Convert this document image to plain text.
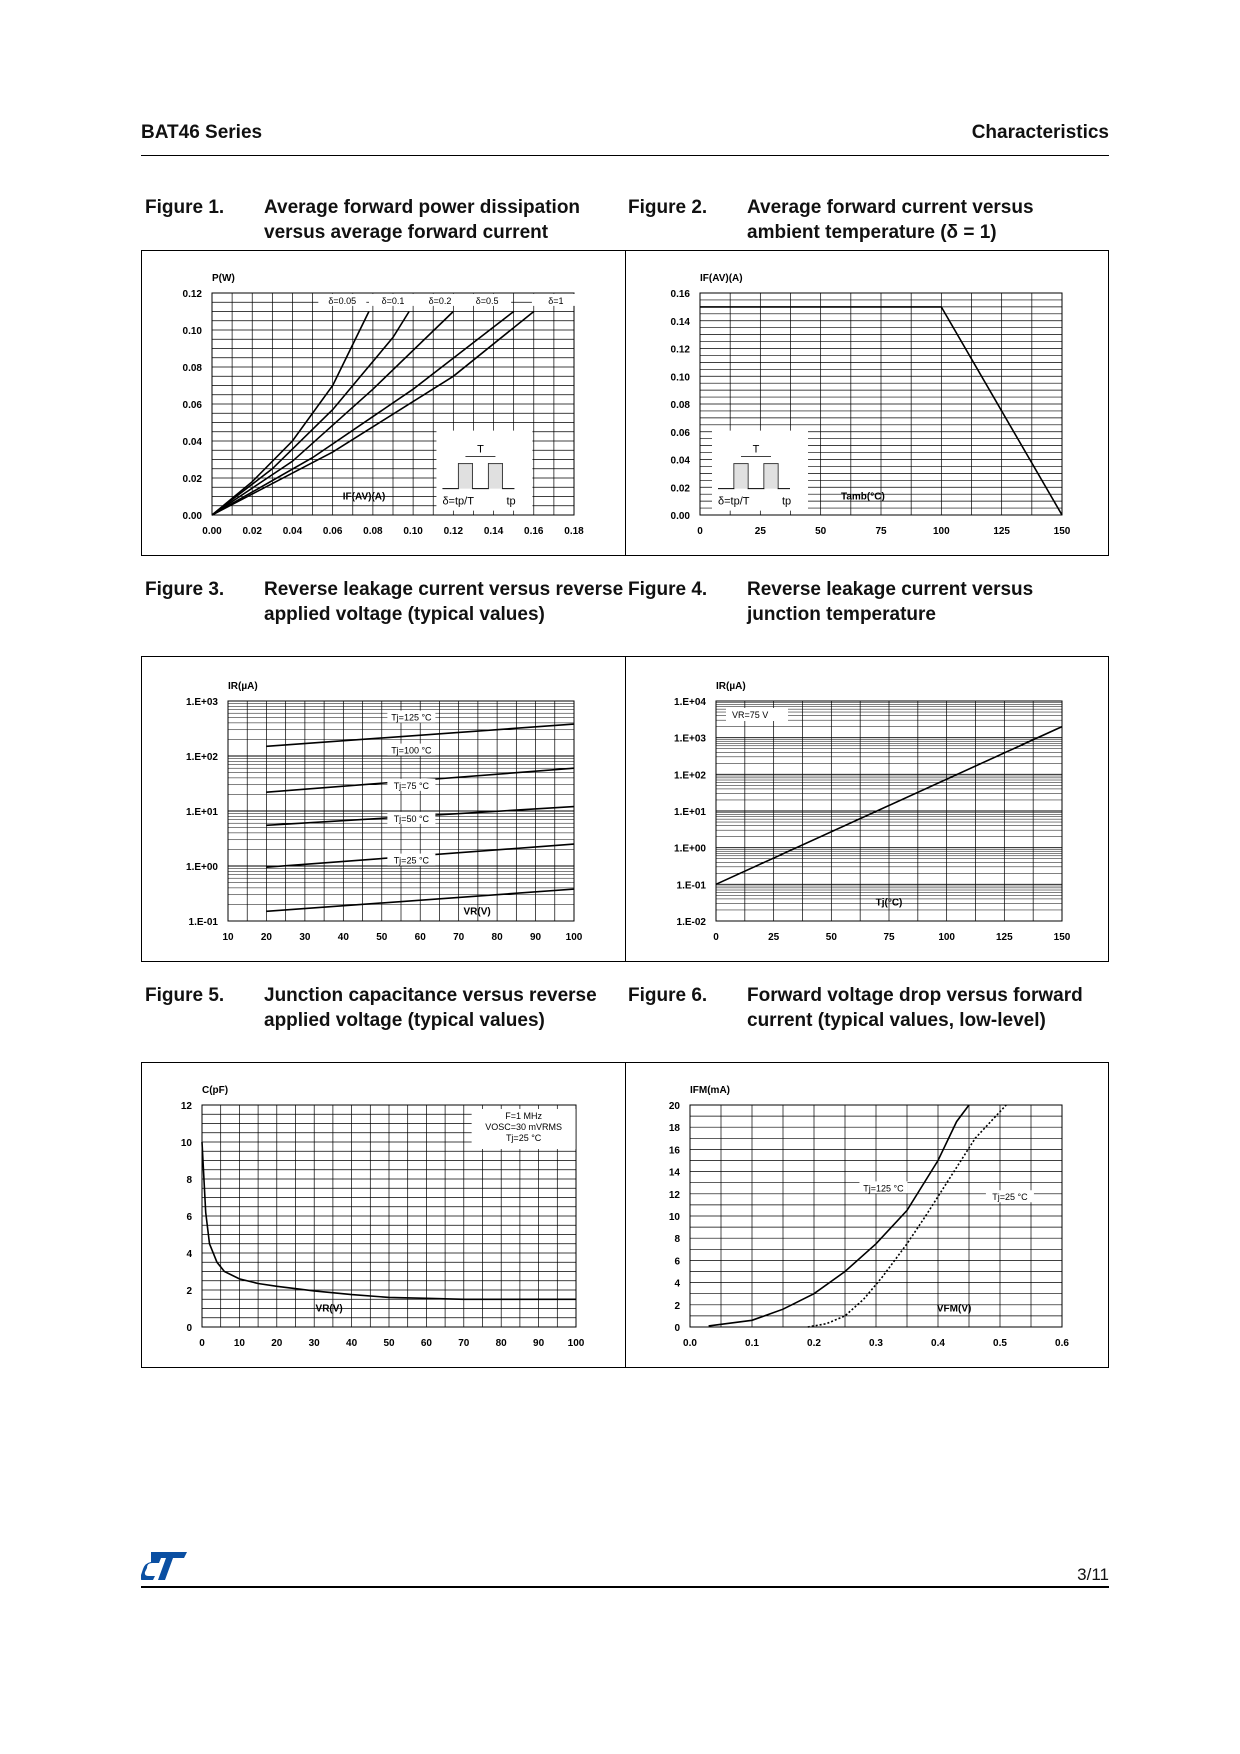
BAT46 Series	Characteristics
Figure 1. Average forward power dissipation versus average forward current
Figure 2. Average forward current versus ambient temperature (δ = 1)
Figure 3. Reverse leakage current versus reverse applied voltage (typical values)
Figure 4. Reverse leakage current versus junction temperature
Figure 5. Junction capacitance versus reverse applied voltage (typical values)
Figure 6. Forward voltage drop versus forward current (typical values, low-level)
0.00 0.02 0.04 0.06 0.08 0.10 0.12 0.14 0.16 0.18
0.00
0.02
0.04
0.06
0.08
0.10
0.12
P(W)
IF(AV)(A)
δ=0.05	δ=0.1	δ=0.2	δ=0.5	δ=1
T
δ=tp/T	tp
0	25	50	75	100	125	150
0.00
0.02
0.04
0.06
0.08
0.10
0.12
0.14
0.16
IF(AV)(A)
Tamb(°C)
T
δ=tp/T	tp
10	20	30	40	50	60	70	80	90 100
1.E-01
1.E+00
1.E+01
1.E+02
1.E+03
IR(µA)
VR(V)
Tj=125 °C
Tj=100 °C
Tj=75 °C
Tj=50 °C
Tj=25 °C
0	25	50	75	100	125	150
1.E-02
1.E-01
1.E+00
1.E+01
1.E+02
1.E+03
1.E+04
IR(µA)
Tj(°C)
VR=75 V
0	10	20	30	40	50	60	70	80	90 100
0
2
4
6
8
10
12
C(pF)
VR(V)
F=1 MHz
VOSC=30 mVRMS
Tj=25 °C
0.0	0.1	0.2	0.3	0.4	0.5	0.6
0
2
4
6
8
10
12
14
16
18
20
IFM(mA)
VFM(V)
Tj=125 °C
Tj=25 °C
3/11
